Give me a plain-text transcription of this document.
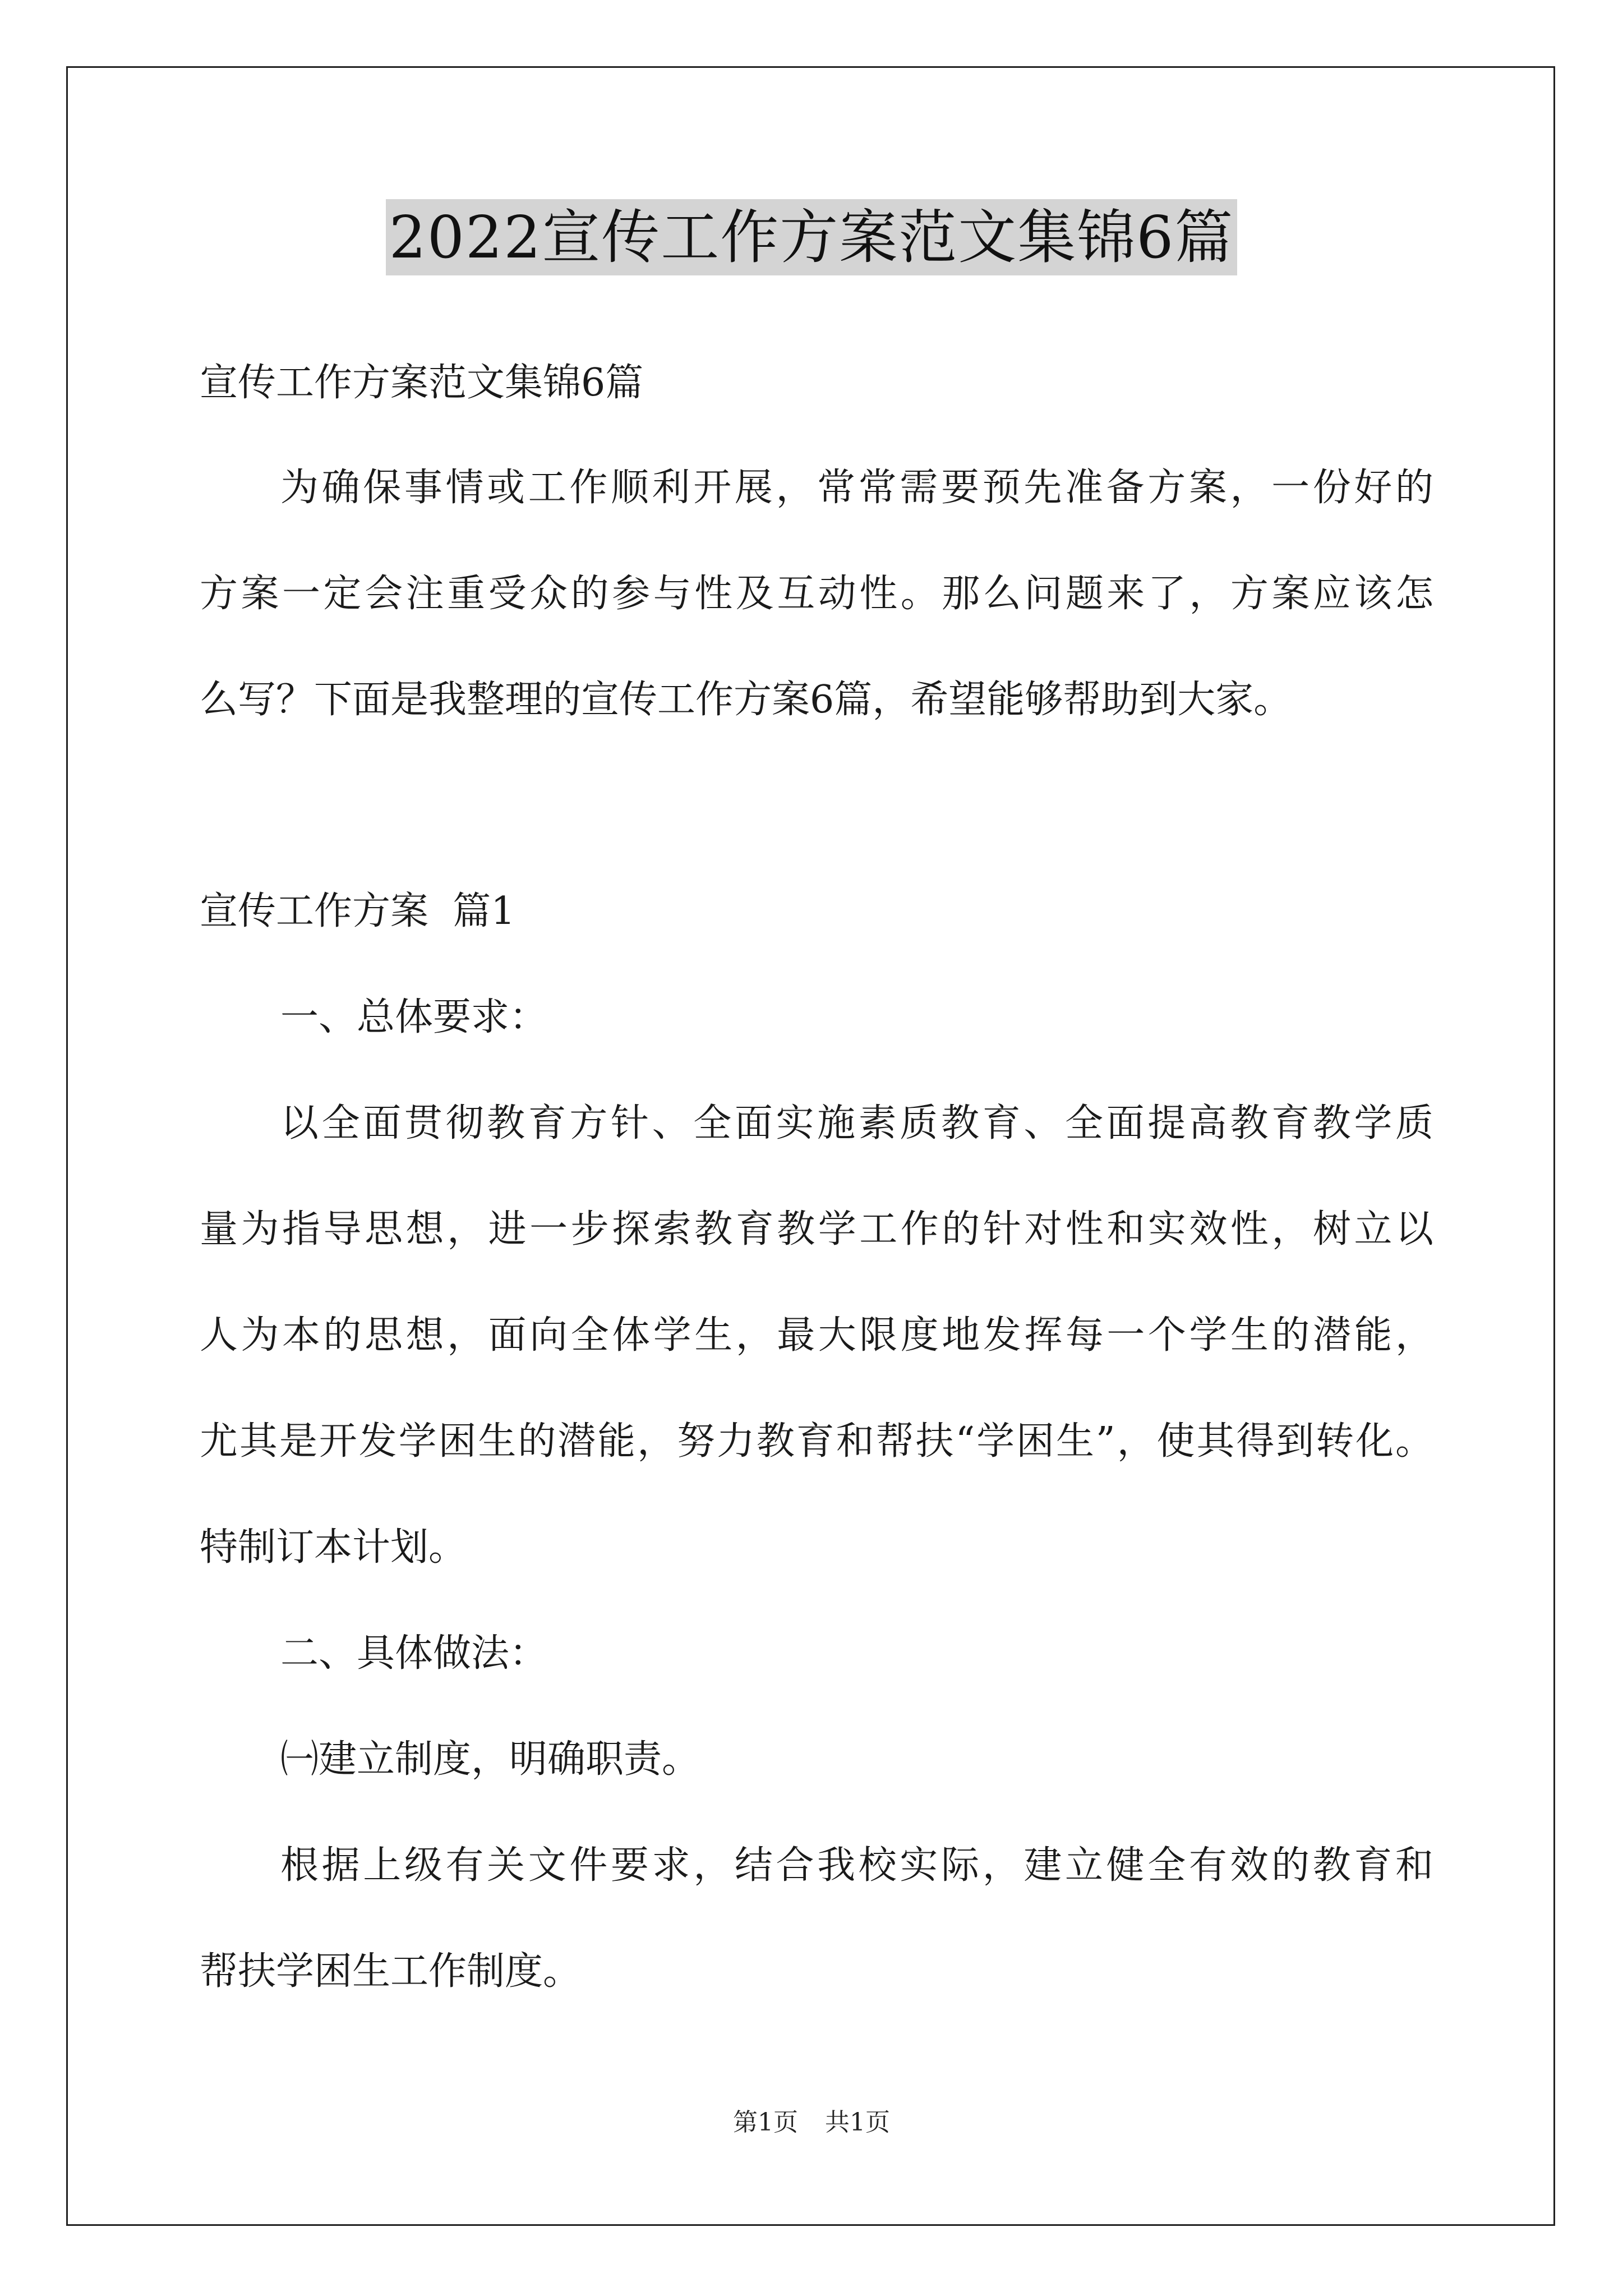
2022宣传工作方案范文集锦6篇
宣传工作方案范文集锦6篇
为确保事情或工作顺利开展，常常需要预先准备方案，一份好的
方案一定会注重受众的参与性及互动性。那么问题来了，方案应该怎
么写？下面是我整理的宣传工作方案6篇，希望能够帮助到大家。
宣传工作方案  篇1
一、总体要求：
以全面贯彻教育方针、全面实施素质教育、全面提高教育教学质
量为指导思想，进一步探索教育教学工作的针对性和实效性，树立以
人为本的思想，面向全体学生，最大限度地发挥每一个学生的潜能，
尤其是开发学困生的潜能，努力教育和帮扶“学困生”，使其得到转化。
特制订本计划。
二、具体做法：
㈠建立制度，明确职责。
根据上级有关文件要求，结合我校实际，建立健全有效的教育和
帮扶学困生工作制度。
第1页 共1页
